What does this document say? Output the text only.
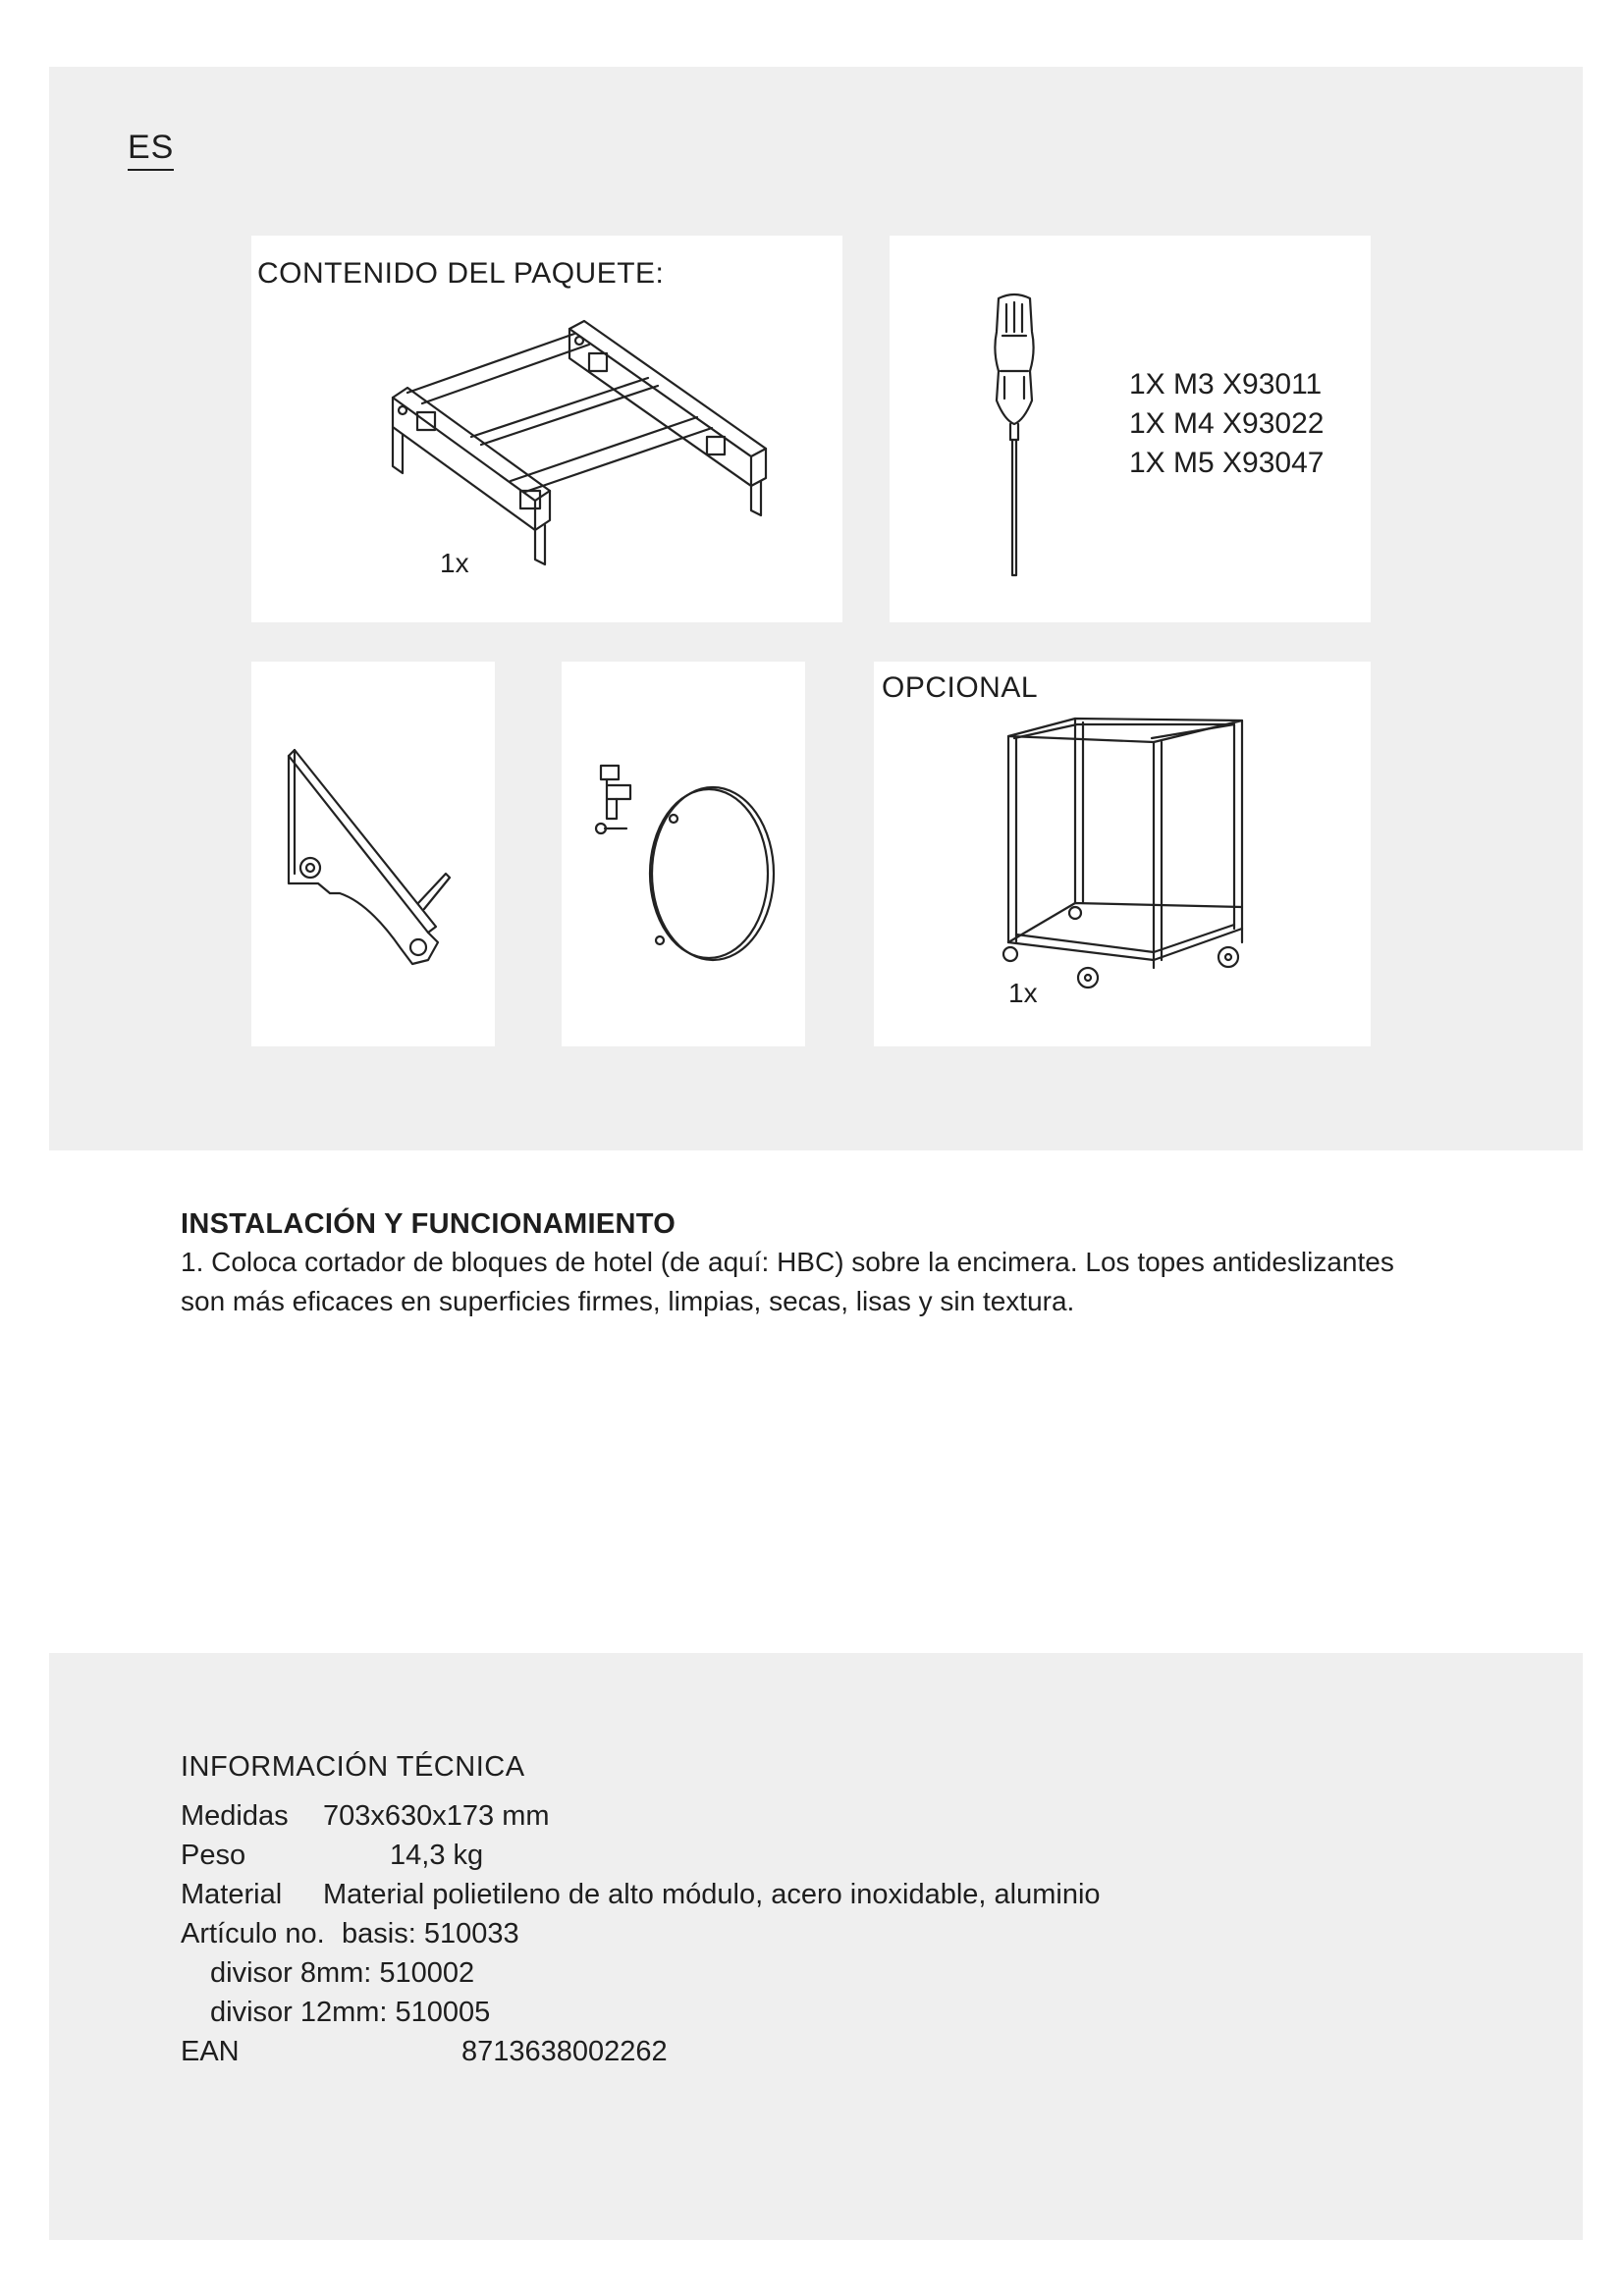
ES
CONTENIDO DEL PAQUETE:
1x
1X M3 X93011
1X M4 X93022
1X M5 X93047
OPCIONAL
1x
INSTALACIÓN Y FUNCIONAMIENTO

1. Coloca cortador de bloques de hotel (de aquí: HBC) sobre la encimera. Los topes antideslizantes

son más eficaces en superficies firmes, limpias, secas, lisas y sin textura.

INFORMACIÓN TÉCNICA
Medidas 703x630x173 mm
Peso	14,3 kg
Material Material polietileno de alto módulo, acero inoxidable, aluminio
Artículo no. basis: 510033
divisor 8mm: 510002
divisor 12mm: 510005
EAN	8713638002262
